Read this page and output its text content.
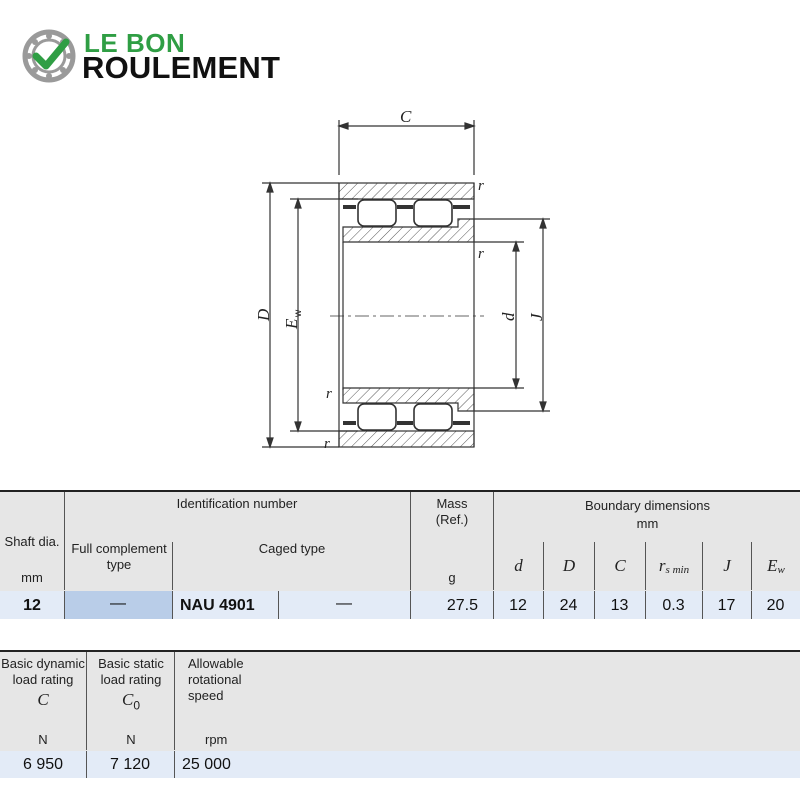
LE BON
ROULEMENT
C
r
r
r
r
D
E
w	d J
Shaft dia.
mm
Identification number
Full complement type
Caged type
Mass (Ref.)
g
Boundary dimensions
mm
d	D	C	$r_{s min}$	J	$E_w$
12	—	NAU 4901	—	27.5	12	24	13	0.3	17	20
Basic dynamic load rating
C
N
Basic static load rating
$C_0$
N
Allowable rotational speed
rpm
6 950	7 120	25 000
